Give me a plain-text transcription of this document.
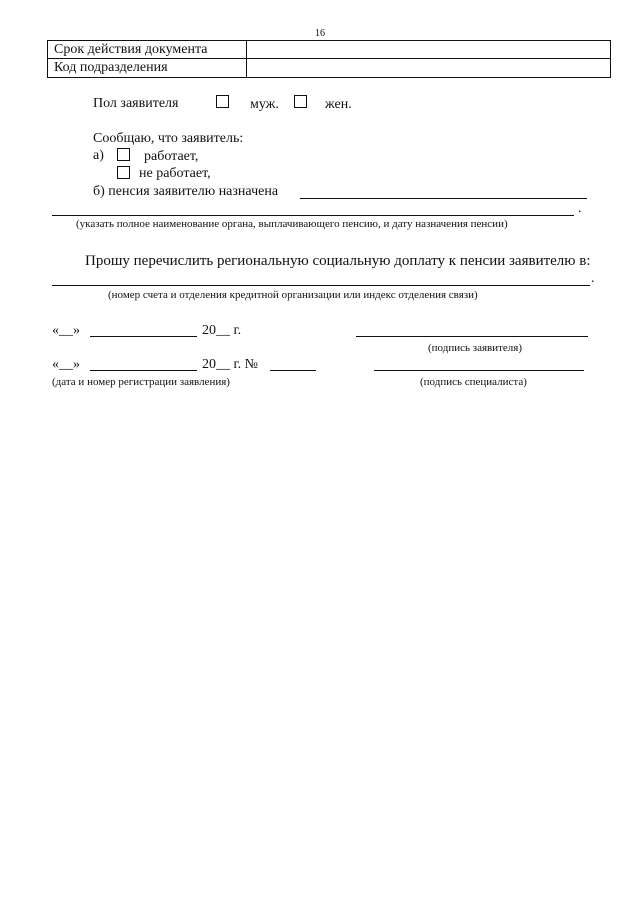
16
Срок действия документа
Код подразделения
Пол заявителя	муж.	жен.
Сообщаю, что заявитель:
а)	работает,
не работает,
б) пенсия заявителю назначена
.
(указать полное наименование органа, выплачивающего пенсию, и дату назначения пенсии)
Прошу перечислить региональную социальную доплату к пенсии заявителю в:
.
(номер счета и отделения кредитной организации или индекс отделения связи)
«__»	20__ г.
(подпись заявителя)
«__»	20__ г. №
(дата и номер регистрации заявления)	(подпись специалиста)
